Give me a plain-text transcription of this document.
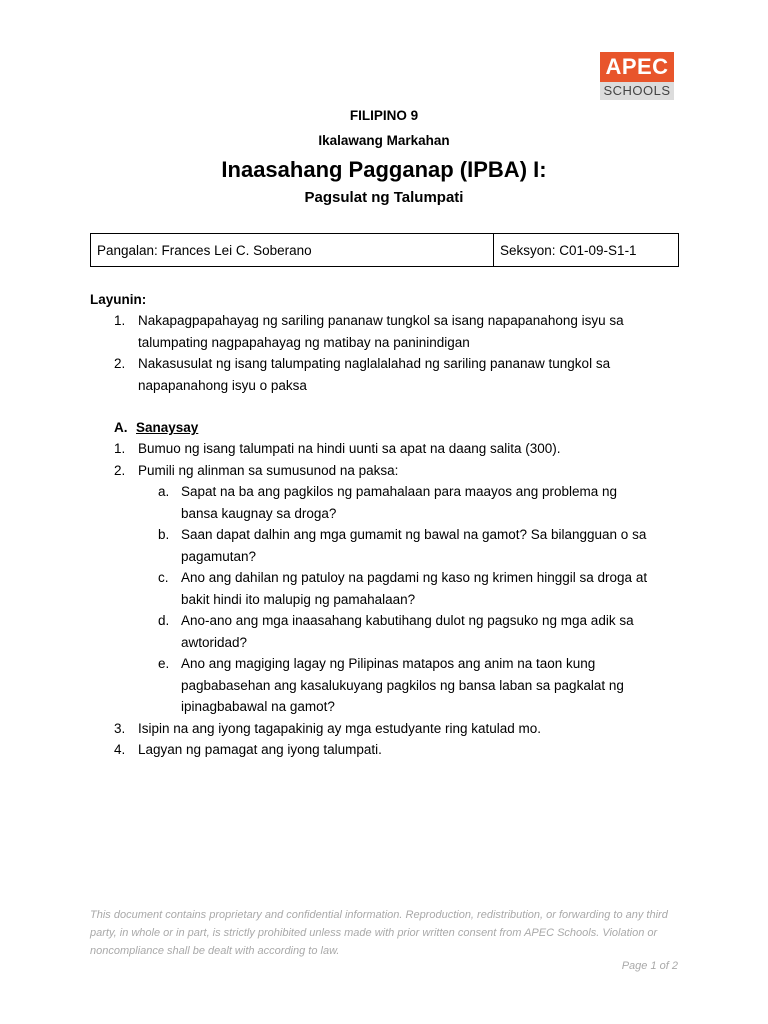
APEC
SCHOOLS
FILIPINO 9
Ikalawang Markahan
Inaasahang Pagganap (IPBA) I:
Pagsulat ng Talumpati
Pangalan: Frances Lei C. Soberano	Seksyon: C01-09-S1-1
Layunin:
1. Nakapagpapahayag ng sariling pananaw tungkol sa isang napapanahong isyu sa talumpating nagpapahayag ng matibay na paninindigan
2. Nakasusulat ng isang talumpating naglalalahad ng sariling pananaw tungkol sa napapanahong isyu o paksa
A. Sanaysay
1. Bumuo ng isang talumpati na hindi uunti sa apat na daang salita (300).
2. Pumili ng alinman sa sumusunod na paksa:
a. Sapat na ba ang pagkilos ng pamahalaan para maayos ang problema ng bansa kaugnay sa droga?
b. Saan dapat dalhin ang mga gumamit ng bawal na gamot? Sa bilangguan o sa pagamutan?
c. Ano ang dahilan ng patuloy na pagdami ng kaso ng krimen hinggil sa droga at bakit hindi ito malupig ng pamahalaan?
d. Ano-ano ang mga inaasahang kabutihang dulot ng pagsuko ng mga adik sa awtoridad?
e. Ano ang magiging lagay ng Pilipinas matapos ang anim na taon kung pagbabasehan ang kasalukuyang pagkilos ng bansa laban sa pagkalat ng ipinagbabawal na gamot?
3. Isipin na ang iyong tagapakinig ay mga estudyante ring katulad mo.
4. Lagyan ng pamagat ang iyong talumpati.
This document contains proprietary and confidential information. Reproduction, redistribution, or forwarding to any third party, in whole or in part, is strictly prohibited unless made with prior written consent from APEC Schools. Violation or noncompliance shall be dealt with according to law.
Page 1 of 2
